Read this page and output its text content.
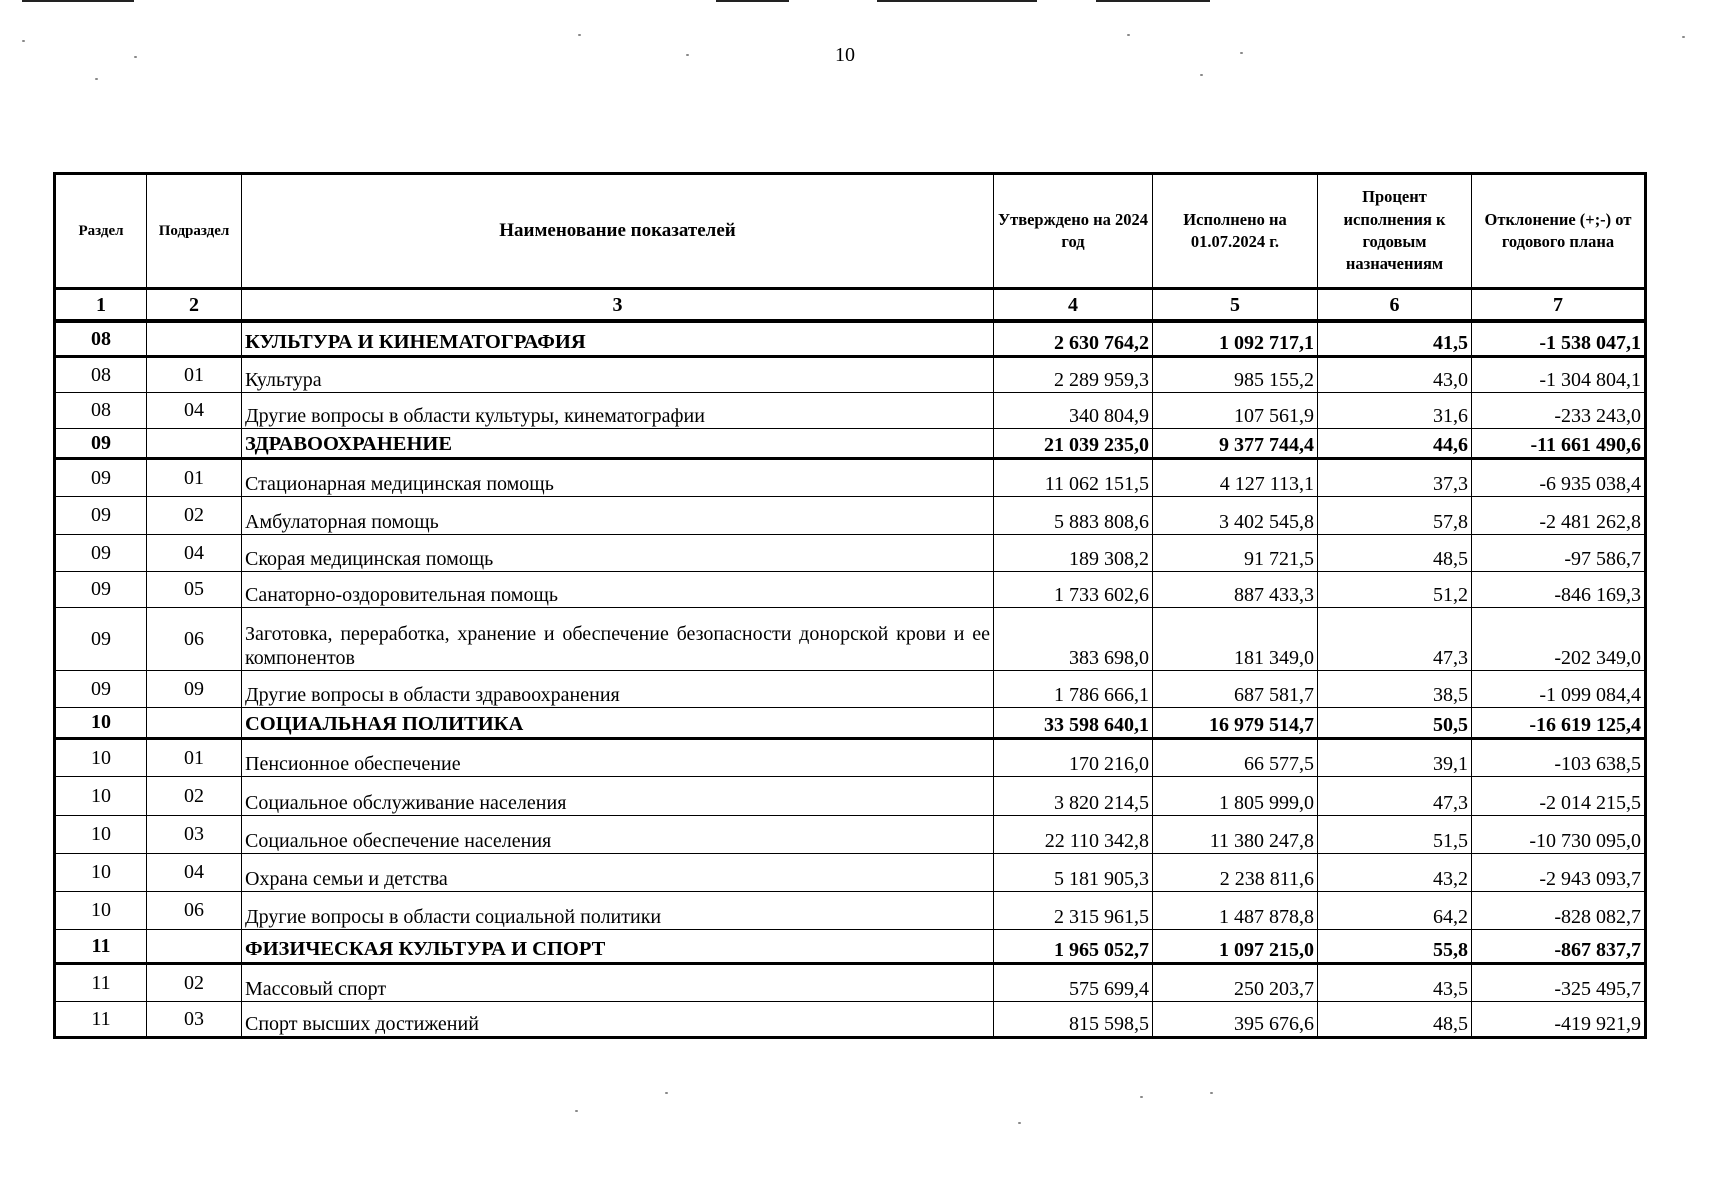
10
Раздел	Подраздел	Наименование показателей	Утверждено на 2024 год	Исполнено на 01.07.2024 г.	Процент исполнения к годовым назначениям	Отклонение (+;-) от годового плана
1	2	3	4	5	6	7
08		КУЛЬТУРА И КИНЕМАТОГРАФИЯ	2 630 764,2	1 092 717,1	41,5	-1 538 047,1
08	01	Культура	2 289 959,3	985 155,2	43,0	-1 304 804,1
08	04	Другие вопросы в области культуры, кинематографии	340 804,9	107 561,9	31,6	-233 243,0
09		ЗДРАВООХРАНЕНИЕ	21 039 235,0	9 377 744,4	44,6	-11 661 490,6
09	01	Стационарная медицинская помощь	11 062 151,5	4 127 113,1	37,3	-6 935 038,4
09	02	Амбулаторная помощь	5 883 808,6	3 402 545,8	57,8	-2 481 262,8
09	04	Скорая медицинская помощь	189 308,2	91 721,5	48,5	-97 586,7
09	05	Санаторно-оздоровительная помощь	1 733 602,6	887 433,3	51,2	-846 169,3
09	06	Заготовка, переработка, хранение и обеспечение безопасности донорской крови и ее компонентов	383 698,0	181 349,0	47,3	-202 349,0
09	09	Другие вопросы в области здравоохранения	1 786 666,1	687 581,7	38,5	-1 099 084,4
10		СОЦИАЛЬНАЯ ПОЛИТИКА	33 598 640,1	16 979 514,7	50,5	-16 619 125,4
10	01	Пенсионное обеспечение	170 216,0	66 577,5	39,1	-103 638,5
10	02	Социальное обслуживание населения	3 820 214,5	1 805 999,0	47,3	-2 014 215,5
10	03	Социальное обеспечение населения	22 110 342,8	11 380 247,8	51,5	-10 730 095,0
10	04	Охрана семьи и детства	5 181 905,3	2 238 811,6	43,2	-2 943 093,7
10	06	Другие вопросы в области социальной политики	2 315 961,5	1 487 878,8	64,2	-828 082,7
11		ФИЗИЧЕСКАЯ КУЛЬТУРА И СПОРТ	1 965 052,7	1 097 215,0	55,8	-867 837,7
11	02	Массовый спорт	575 699,4	250 203,7	43,5	-325 495,7
11	03	Спорт высших достижений	815 598,5	395 676,6	48,5	-419 921,9
